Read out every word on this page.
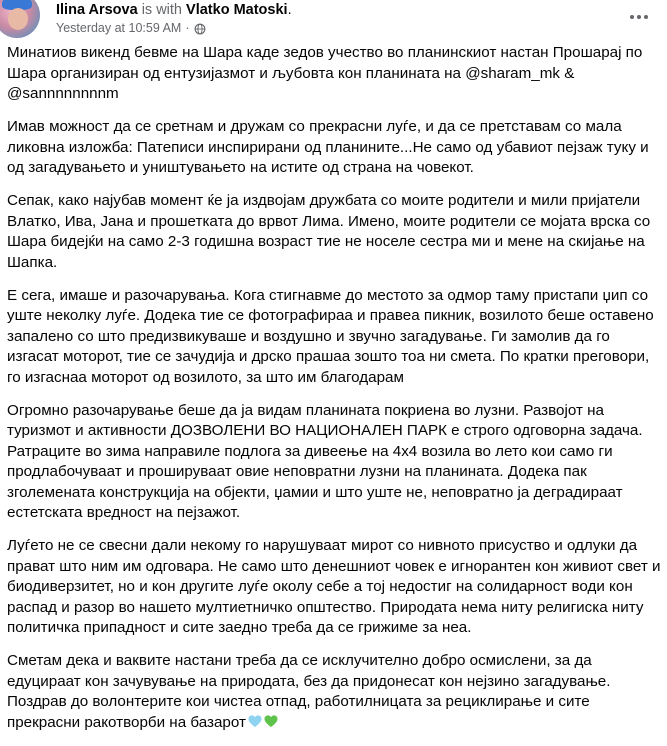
Ilina Arsova is with Vlatko Matoski.
Yesterday at 10:59 AM ·

Минатиов викенд бевме на Шара каде зедов учество во планинскиот настан Прошарај по Шара организиран од ентузијазмот и љубовта кон планината на @sharam_mk & @sannnnnnnnm

Имав можност да се сретнам и дружам со прекрасни луѓе, и да се претставам со мала ликовна изложба: Патеписи инспирирани од планините...Не само од убавиот пејзаж туку и од загадувањето и уништувањето на истите од страна на човекот.

Сепак, како најубав момент ќе ја издвојам дружбата со моите родители и мили пријатели Влатко, Ива, Јана и прошетката до врвот Лима. Имено, моите родители се мојата врска со Шара бидејќи на само 2-3 годишна возраст тие не носеле сестра ми и мене на скијање на Шапка.

Е сега, имаше и разочарувања. Кога стигнавме до местото за одмор таму пристапи џип со уште неколку луѓе. Додека тие се фотографираа и правеа пикник, возилото беше оставено запалено со што предизвикуваше и воздушно и звучно загадување. Ги замолив да го изгасат моторот, тие се зачудија и дрско прашаа зошто тоа ни смета. По кратки преговори, го изгаснаа моторот од возилото, за што им благодарам

Огромно разочарување беше да ја видам планината покриена во лузни. Развојот на туризмот и активности ДОЗВОЛЕНИ ВО НАЦИОНАЛЕН ПАРК е строго одговорна задача. Ратраците во зима направиле подлога за дивеење на 4х4 возила во лето кои само ги продлабочуваат и прошируваат овие неповратни лузни на планината. Додека пак зголемената конструкција на објекти, џамии и што уште не, неповратно ја деградираат естетската вредност на пејзажот.

Луѓето не се свесни дали некому го нарушуваат мирот со нивното присуство и одлуки да прават што ним им одговара. Не само што денешниот човек е игнорантен кон живиот свет и биодиверзитет, но и кон другите луѓе околу себе а тој недостиг на солидарност води кон распад и разор во нашето мултиетничко општество. Природата нема ниту религиска ниту политичка припадност и сите заедно треба да се грижиме за неа.

Сметам дека и ваквите настани треба да се исклучително добро осмислени, за да едуцираат кон зачувување на природата, без да придонесат кон нејзино загадување. Поздрав до волонтерите кои чистеа отпад, работилницата за рециклирање и сите прекрасни ракотворби на базарот
